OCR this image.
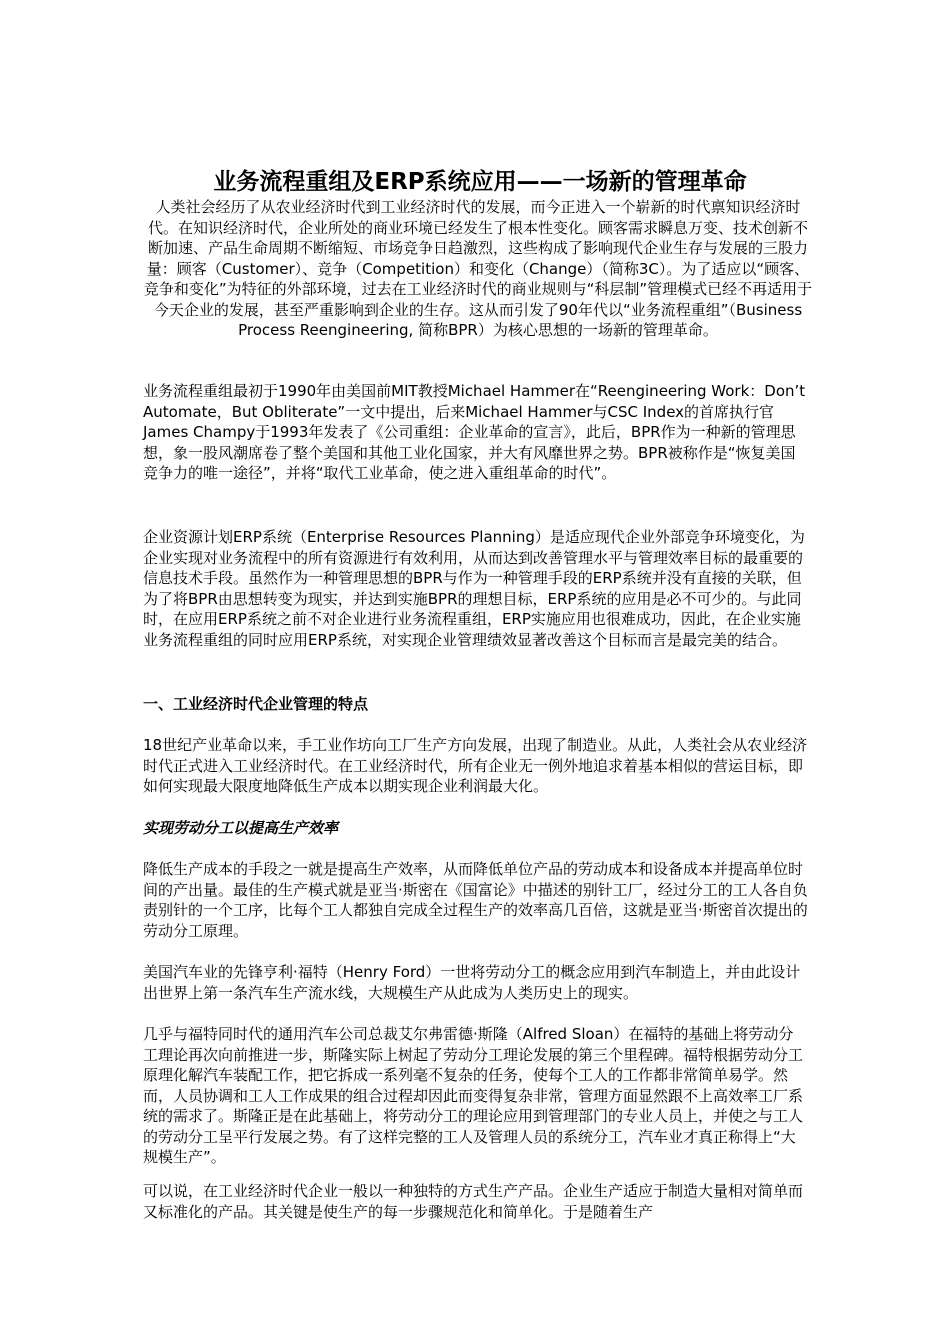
业务流程重组及ERP系统应用——一场新的管理革命
人类社会经历了从农业经济时代到工业经济时代的发展，而今正进入一个崭新的时代禀知识经济时代。在知识经济时代，企业所处的商业环境已经发生了根本性变化。顾客需求瞬息万变、技术创新不断加速、产品生命周期不断缩短、市场竞争日趋激烈，这些构成了影响现代企业生存与发展的三股力量：顾客（Customer）、竞争（Competition）和变化（Change）（简称3C）。为了适应以“顾客、竞争和变化”为特征的外部环境，过去在工业经济时代的商业规则与“科层制”管理模式已经不再适用于今天企业的发展，甚至严重影响到企业的生存。这从而引发了90年代以“业务流程重组”（Business Process Reengineering, 简称BPR）为核心思想的一场新的管理革命。
业务流程重组最初于1990年由美国前MIT教授Michael Hammer在“Reengineering Work：Don’t Automate，But Obliterate”一文中提出，后来Michael Hammer与CSC Index的首席执行官James Champy于1993年发表了《公司重组：企业革命的宣言》，此后，BPR作为一种新的管理思想，象一股风潮席卷了整个美国和其他工业化国家，并大有风靡世界之势。BPR被称作是“恢复美国竞争力的唯一途径”，并将“取代工业革命，使之进入重组革命的时代”。
企业资源计划ERP系统（Enterprise Resources Planning）是适应现代企业外部竞争环境变化，为企业实现对业务流程中的所有资源进行有效利用，从而达到改善管理水平与管理效率目标的最重要的信息技术手段。虽然作为一种管理思想的BPR与作为一种管理手段的ERP系统并没有直接的关联，但为了将BPR由思想转变为现实，并达到实施BPR的理想目标，ERP系统的应用是必不可少的。与此同时，在应用ERP系统之前不对企业进行业务流程重组，ERP实施应用也很难成功，因此，在企业实施业务流程重组的同时应用ERP系统，对实现企业管理绩效显著改善这个目标而言是最完美的结合。
一、工业经济时代企业管理的特点
18世纪产业革命以来，手工业作坊向工厂生产方向发展，出现了制造业。从此，人类社会从农业经济时代正式进入工业经济时代。在工业经济时代，所有企业无一例外地追求着基本相似的营运目标，即如何实现最大限度地降低生产成本以期实现企业利润最大化。
实现劳动分工以提高生产效率
降低生产成本的手段之一就是提高生产效率，从而降低单位产品的劳动成本和设备成本并提高单位时间的产出量。最佳的生产模式就是亚当·斯密在《国富论》中描述的别针工厂，经过分工的工人各自负责别针的一个工序，比每个工人都独自完成全过程生产的效率高几百倍，这就是亚当·斯密首次提出的劳动分工原理。
美国汽车业的先锋亨利·福特（Henry Ford）一世将劳动分工的概念应用到汽车制造上，并由此设计出世界上第一条汽车生产流水线，大规模生产从此成为人类历史上的现实。
几乎与福特同时代的通用汽车公司总裁艾尔弗雷德·斯隆（Alfred Sloan）在福特的基础上将劳动分工理论再次向前推进一步，斯隆实际上树起了劳动分工理论发展的第三个里程碑。福特根据劳动分工原理化解汽车装配工作，把它拆成一系列毫不复杂的任务，使每个工人的工作都非常简单易学。然而，人员协调和工人工作成果的组合过程却因此而变得复杂非常，管理方面显然跟不上高效率工厂系统的需求了。斯隆正是在此基础上，将劳动分工的理论应用到管理部门的专业人员上，并使之与工人的劳动分工呈平行发展之势。有了这样完整的工人及管理人员的系统分工，汽车业才真正称得上“大规模生产”。
可以说，在工业经济时代企业一般以一种独特的方式生产产品。企业生产适应于制造大量相对简单而又标准化的产品。其关键是使生产的每一步骤规范化和简单化。于是随着生产
